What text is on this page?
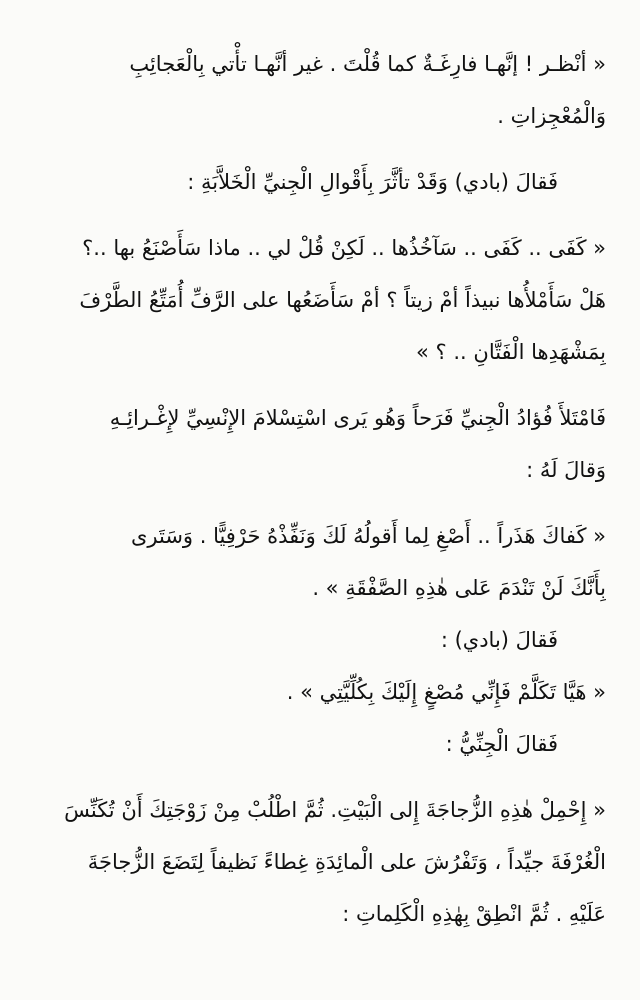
« أنْظـر ! إنَّهـا فارِغَـةٌ كما قُلْتَ . غير أنَّهـا تأْتي بِالْعَجائِبِ
وَالْمُعْجِزاتِ .

فَقالَ (بادي) وَقَدْ تأثَّرَ بِأَقْوالِ الْجِنيِّ الْخَلاَّبَةِ :

« كَفَى .. كَفَى .. سَآخُذُها .. لَكِنْ قُلْ لي .. ماذا سَأَصْنَعُ بها ..؟
هَلْ سَأَمْلأُها نبيذاً أمْ زيتاً ؟ أمْ سَأَضَعُها على الرَّفِّ أُمَتِّعُ الطَّرْفَ
بِمَشْهَدِها الْفَتَّانِ .. ؟ »

فَامْتَلأَ فُؤادُ الْجِنيِّ فَرَحاً وَهُو يَرى اسْتِسْلامَ الإِنْسِيِّ لإِغْـرائِـهِ
وَقالَ لَهُ :

« كَفاكَ هَذَراً .. أَصْغِ لِما أَقولُهُ لَكَ وَنَفِّذْهُ حَرْفِيًّا . وَسَتَرى
بِأَنَّكَ لَنْ تَنْدَمَ عَلى هٰذِهِ الصَّفْقَةِ » .

فَقالَ (بادي) :

« هَيَّا تَكَلَّمْ فَإِنِّي مُصْغٍ إِلَيْكَ بِكُلِّيَّتِي » .

فَقالَ الْجِنِّيُّ :

« إِحْمِلْ هٰذِهِ الزُّجاجَةَ إِلى الْبَيْتِ. ثُمَّ اطْلُبْ مِنْ زَوْجَتِكَ أَنْ تُكَنِّسَ
الْغُرْفَةَ جيِّداً ، وَتَفْرُشَ على الْمائِدَةِ غِطاءً نَظيفاً لِتَضَعَ الزُّجاجَةَ
عَلَيْهِ . ثُمَّ انْطِقْ بِهٰذِهِ الْكَلِماتِ :
